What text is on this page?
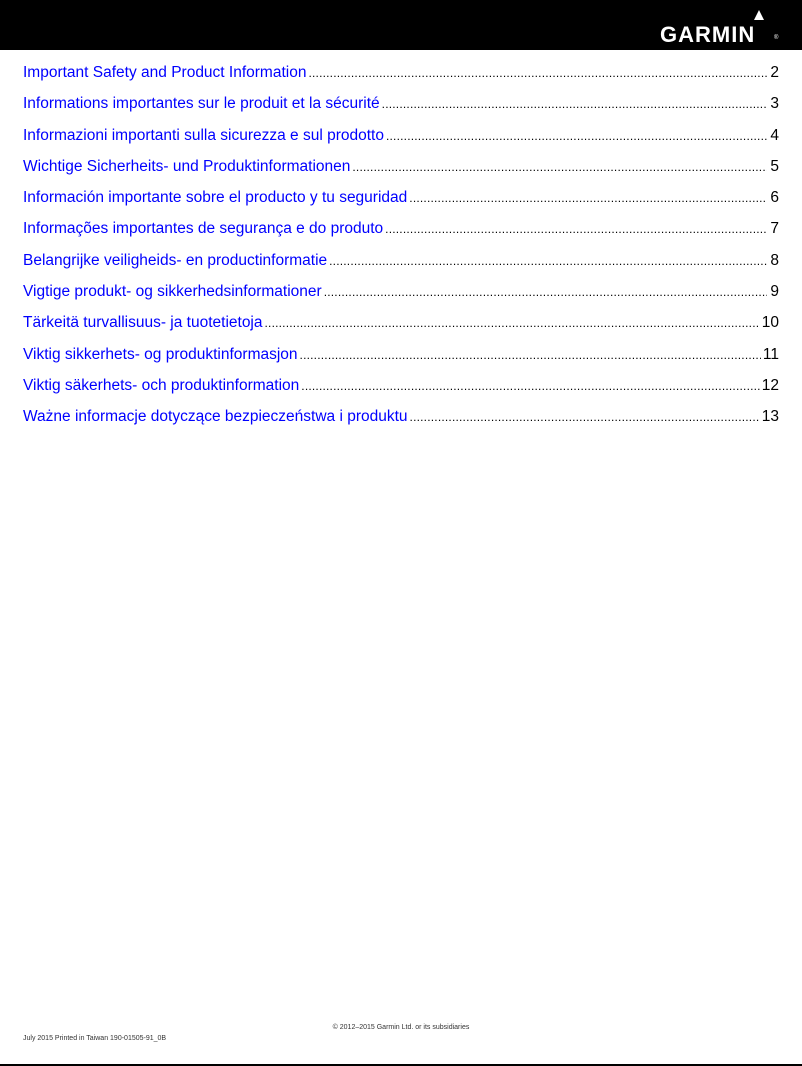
GARMIN	®
Important Safety and Product Information .....	2
Informations importantes sur le produit et la sécurité .....	3
Informazioni importanti sulla sicurezza e sul prodotto .....	4
Wichtige Sicherheits- und Produktinformationen .....	5
Información importante sobre el producto y tu seguridad .....	6
Informações importantes de segurança e do produto .....	7
Belangrijke veiligheids- en productinformatie .....	8
Vigtige produkt- og sikkerhedsinformationer .....	9
Tärkeitä turvallisuus- ja tuotetietoja .....	10
Viktig sikkerhets- og produktinformasjon .....	11
Viktig säkerhets- och produktinformation .....	12
Ważne informacje dotyczące bezpieczeństwa i produktu .....	13
© 2012–2015 Garmin Ltd. or its subsidiaries
July 2015 Printed in Taiwan 190-01505-91_0B
